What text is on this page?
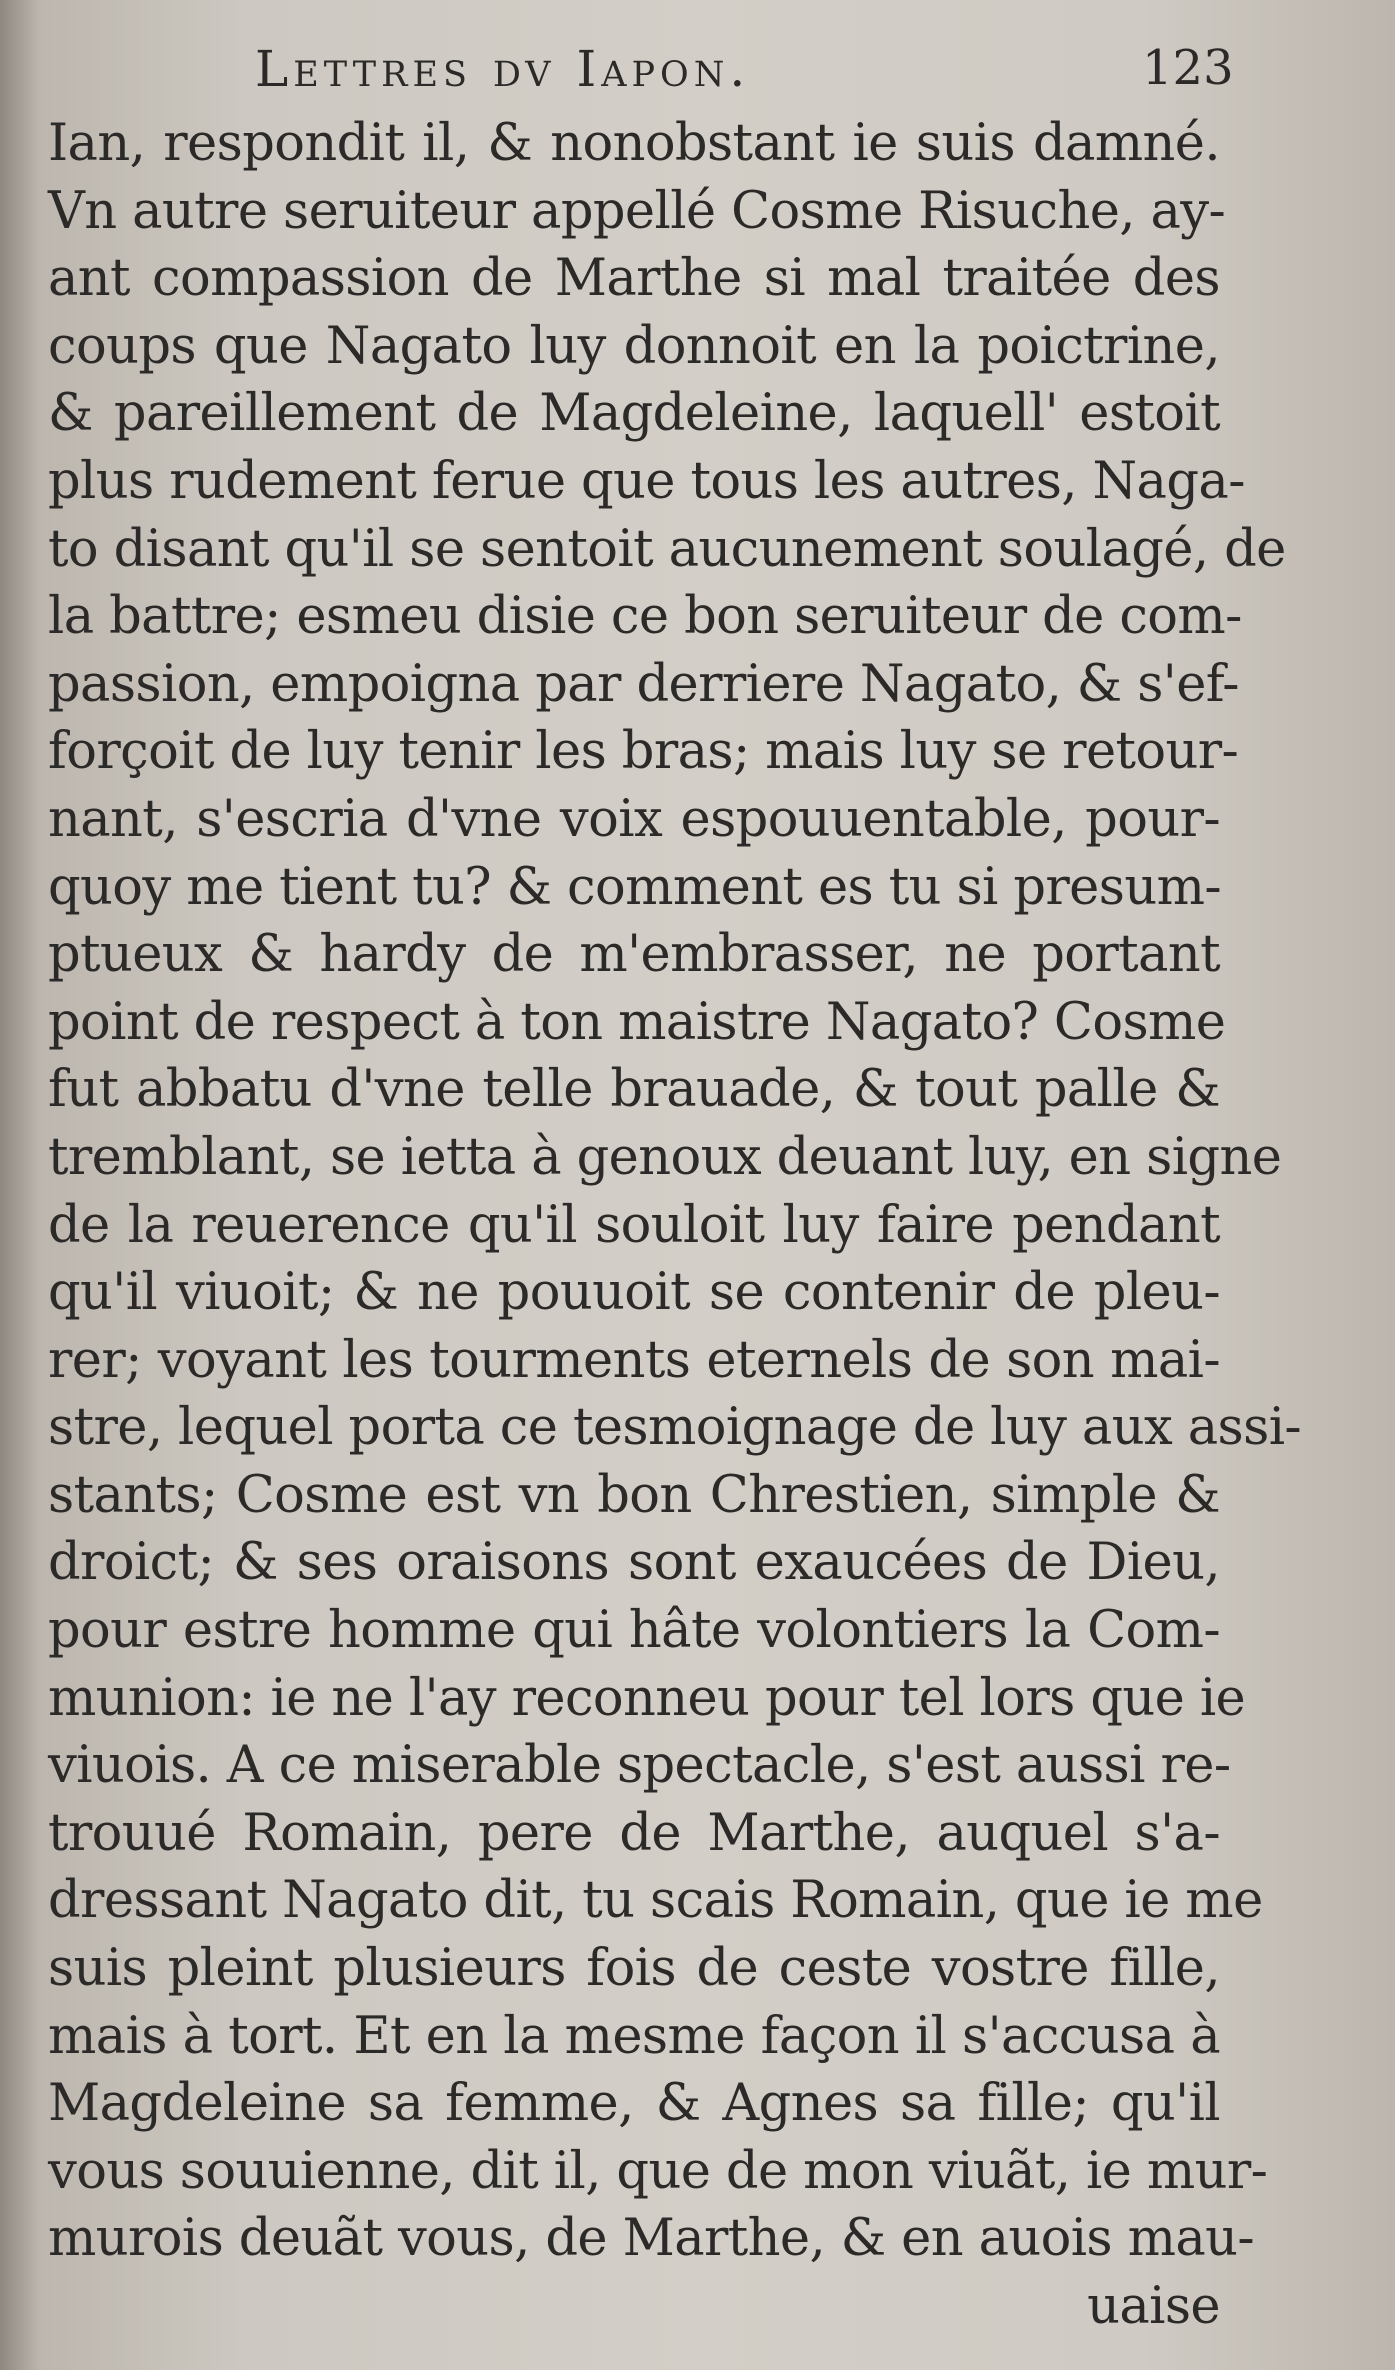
Lettres dv Iapon.	123
Ian, respondit il, & nonobstant ie suis damné.
Vn autre seruiteur appellé Cosme Risuche, ay-
ant compassion de Marthe si mal traitée des
coups que Nagato luy donnoit en la poictrine,
& pareillement de Magdeleine, laquell' estoit
plus rudement ferue que tous les autres, Naga-
to disant qu'il se sentoit aucunement soulagé, de
la battre; esmeu disie ce bon seruiteur de com-
passion, empoigna par derriere Nagato, & s'ef-
forçoit de luy tenir les bras; mais luy se retour-
nant, s'escria d'vne voix espouuentable, pour-
quoy me tient tu? & comment es tu si presum-
ptueux & hardy de m'embrasser, ne portant
point de respect à ton maistre Nagato? Cosme
fut abbatu d'vne telle brauade, & tout palle &
tremblant, se ietta à genoux deuant luy, en signe
de la reuerence qu'il souloit luy faire pendant
qu'il viuoit; & ne pouuoit se contenir de pleu-
rer; voyant les tourments eternels de son mai-
stre, lequel porta ce tesmoignage de luy aux assi-
stants; Cosme est vn bon Chrestien, simple &
droict; & ses oraisons sont exaucées de Dieu,
pour estre homme qui hâte volontiers la Com-
munion: ie ne l'ay reconneu pour tel lors que ie
viuois. A ce miserable spectacle, s'est aussi re-
trouué Romain, pere de Marthe, auquel s'a-
dressant Nagato dit, tu scais Romain, que ie me
suis pleint plusieurs fois de ceste vostre fille,
mais à tort. Et en la mesme façon il s'accusa à
Magdeleine sa femme, & Agnes sa fille; qu'il
vous souuienne, dit il, que de mon viuãt, ie mur-
murois deuãt vous, de Marthe, & en auois mau-
uaise
